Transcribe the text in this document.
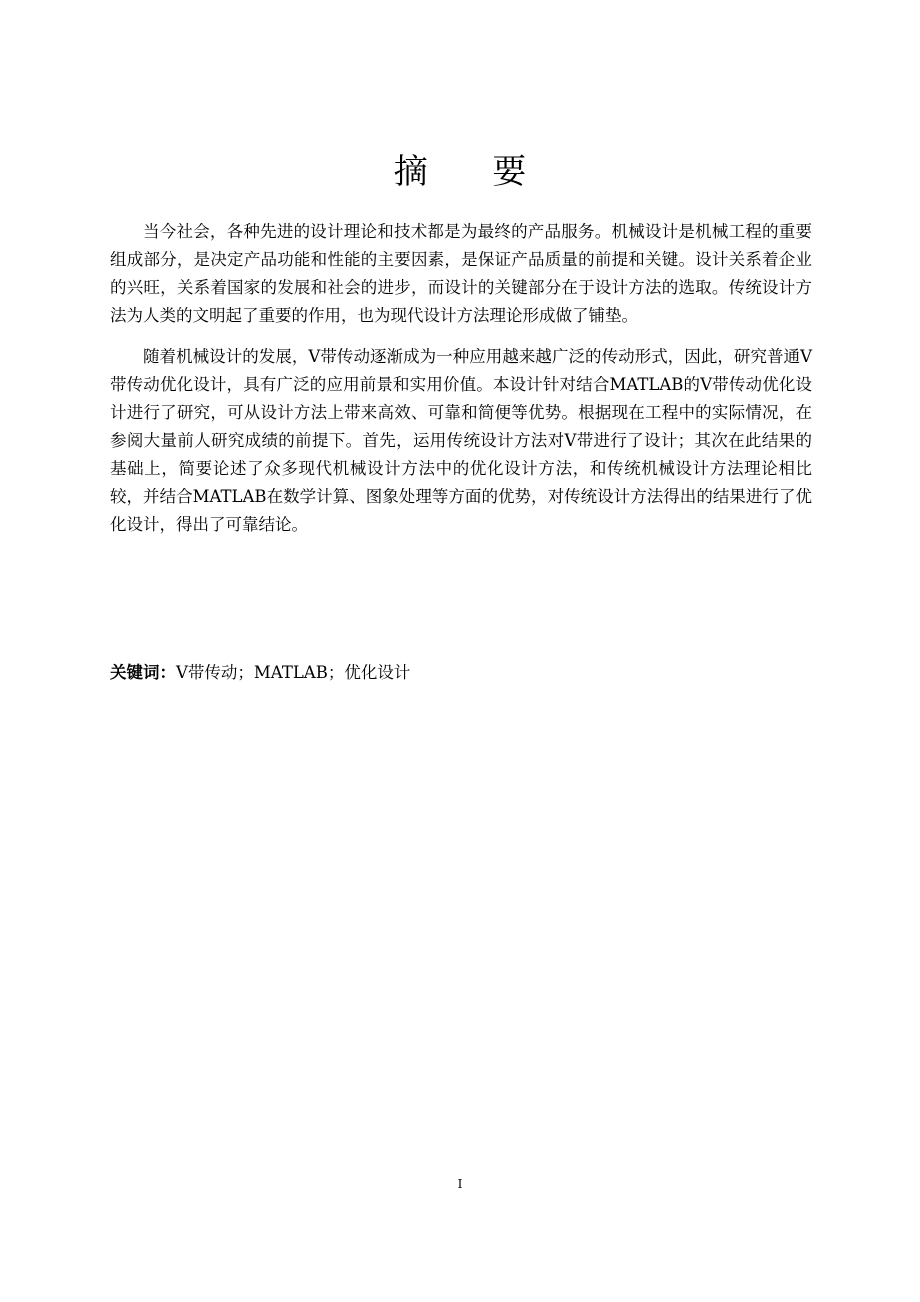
摘要

当今社会，各种先进的设计理论和技术都是为最终的产品服务。机械设计是机械工程的重要组成部分，是决定产品功能和性能的主要因素，是保证产品质量的前提和关键。设计关系着企业的兴旺，关系着国家的发展和社会的进步，而设计的关键部分在于设计方法的选取。传统设计方法为人类的文明起了重要的作用，也为现代设计方法理论形成做了铺垫。

随着机械设计的发展，V带传动逐渐成为一种应用越来越广泛的传动形式，因此，研究普通V带传动优化设计，具有广泛的应用前景和实用价值。本设计针对结合MATLAB的V带传动优化设计进行了研究，可从设计方法上带来高效、可靠和简便等优势。根据现在工程中的实际情况，在参阅大量前人研究成绩的前提下。首先，运用传统设计方法对V带进行了设计；其次在此结果的基础上，简要论述了众多现代机械设计方法中的优化设计方法，和传统机械设计方法理论相比较，并结合MATLAB在数学计算、图象处理等方面的优势，对传统设计方法得出的结果进行了优化设计，得出了可靠结论。

关键词：V带传动；MATLAB；优化设计
I
